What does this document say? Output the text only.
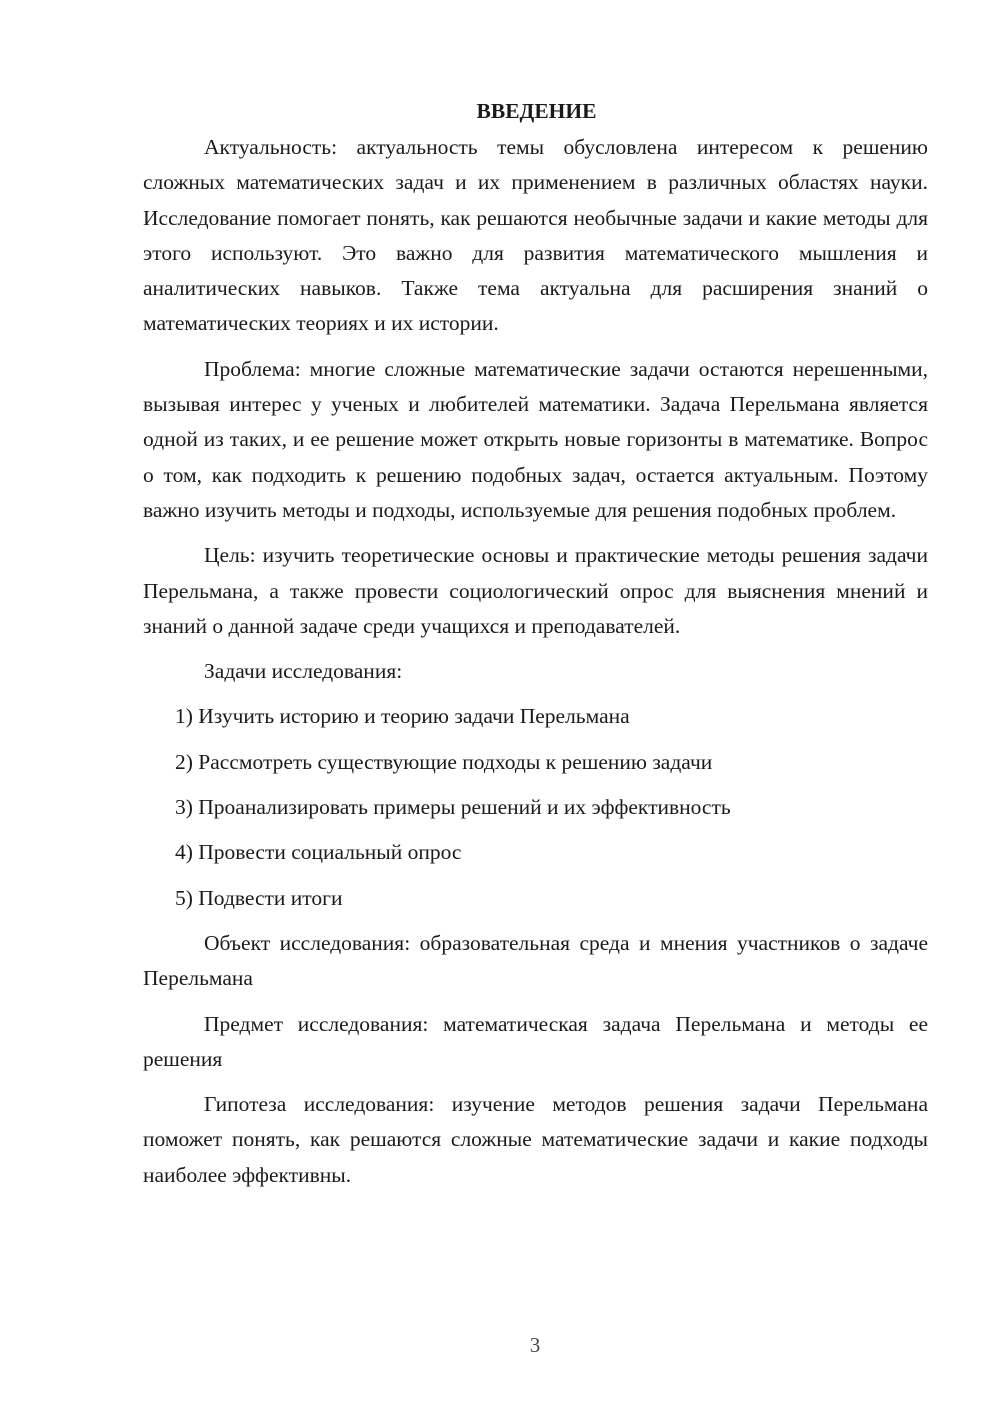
ВВЕДЕНИЕ

Актуальность: актуальность темы обусловлена интересом к решению сложных математических задач и их применением в различных областях науки. Исследование помогает понять, как решаются необычные задачи и какие методы для этого используют. Это важно для развития математического мышления и аналитических навыков. Также тема актуальна для расширения знаний о математических теориях и их истории.

Проблема: многие сложные математические задачи остаются нерешенными, вызывая интерес у ученых и любителей математики. Задача Перельмана является одной из таких, и ее решение может открыть новые горизонты в математике. Вопрос о том, как подходить к решению подобных задач, остается актуальным. Поэтому важно изучить методы и подходы, используемые для решения подобных проблем.

Цель: изучить теоретические основы и практические методы решения задачи Перельмана, а также провести социологический опрос для выяснения мнений и знаний о данной задаче среди учащихся и преподавателей.

Задачи исследования:

1) Изучить историю и теорию задачи Перельмана
2) Рассмотреть существующие подходы к решению задачи
3) Проанализировать примеры решений и их эффективность
4) Провести социальный опрос
5) Подвести итоги

Объект исследования: образовательная среда и мнения участников о задаче Перельмана

Предмет исследования: математическая задача Перельмана и методы ее решения

Гипотеза исследования: изучение методов решения задачи Перельмана поможет понять, как решаются сложные математические задачи и какие подходы наиболее эффективны.

3
